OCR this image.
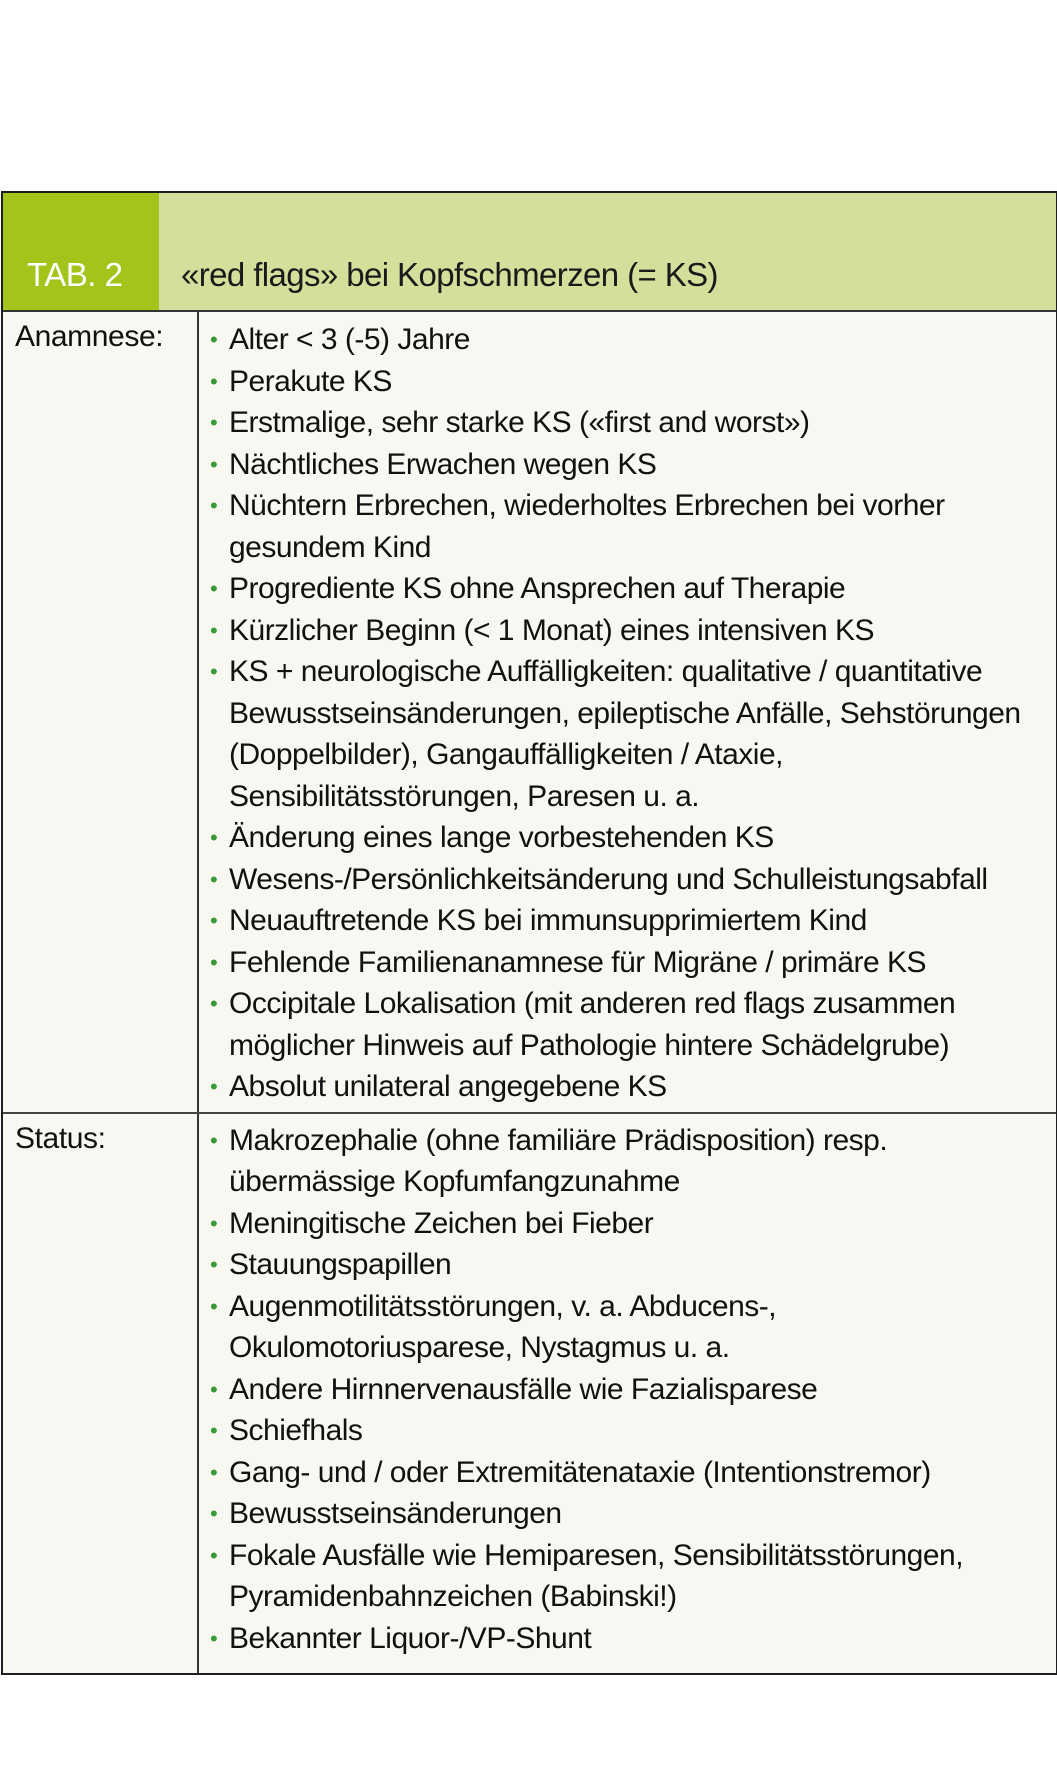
TAB. 2	«red flags» bei Kopfschmerzen (= KS)
Anamnese:	• Alter < 3 (-5) Jahre
• Perakute KS
• Erstmalige, sehr starke KS («first and worst»)
• Nächtliches Erwachen wegen KS
• Nüchtern Erbrechen, wiederholtes Erbrechen bei vorher gesundem Kind
• Progrediente KS ohne Ansprechen auf Therapie
• Kürzlicher Beginn (< 1 Monat) eines intensiven KS
• KS + neurologische Auffälligkeiten: qualitative / quantitative Bewusstseinsänderungen, epileptische Anfälle, Sehstörungen (Doppelbilder), Gangauffälligkeiten / Ataxie, Sensibilitätsstörungen, Paresen u. a.
• Änderung eines lange vorbestehenden KS
• Wesens-/Persönlichkeitsänderung und Schulleistungsabfall
• Neuauftretende KS bei immunsupprimiertem Kind
• Fehlende Familienanamnese für Migräne / primäre KS
• Occipitale Lokalisation (mit anderen red flags zusammen möglicher Hinweis auf Pathologie hintere Schädelgrube)
• Absolut unilateral angegebene KS
Status:	• Makrozephalie (ohne familiäre Prädisposition) resp. übermässige Kopfumfangzunahme
• Meningitische Zeichen bei Fieber
• Stauungspapillen
• Augenmotilitätsstörungen, v. a. Abducens-, Okulomotoriusparese, Nystagmus u. a.
• Andere Hirnnervenausfälle wie Fazialisparese
• Schiefhals
• Gang- und / oder Extremitätenataxie (Intentionstremor)
• Bewusstseinsänderungen
• Fokale Ausfälle wie Hemiparesen, Sensibilitätsstörungen, Pyramidenbahnzeichen (Babinski!)
• Bekannter Liquor-/VP-Shunt
